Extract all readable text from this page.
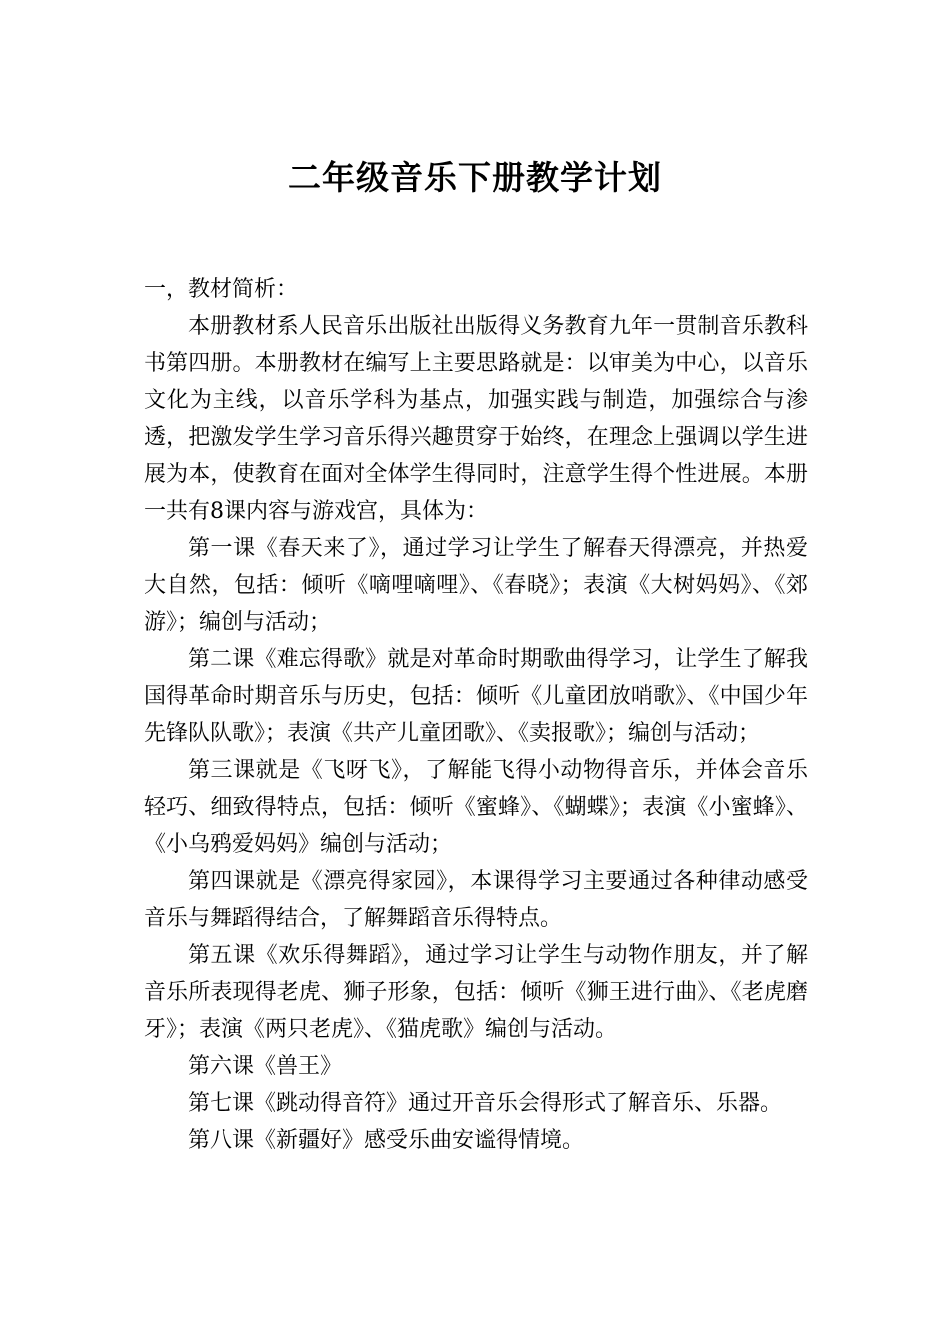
二年级音乐下册教学计划

一，教材简析：

本册教材系人民音乐出版社出版得义务教育九年一贯制音乐教科书第四册。本册教材在编写上主要思路就是：以审美为中心，以音乐文化为主线，以音乐学科为基点，加强实践与制造，加强综合与渗透，把激发学生学习音乐得兴趣贯穿于始终，在理念上强调以学生进展为本，使教育在面对全体学生得同时，注意学生得个性进展。本册一共有8课内容与游戏宫，具体为：

第一课《春天来了》，通过学习让学生了解春天得漂亮，并热爱大自然，包括：倾听《嘀哩嘀哩》、《春晓》；表演《大树妈妈》、《郊游》；编创与活动；

第二课《难忘得歌》就是对革命时期歌曲得学习，让学生了解我国得革命时期音乐与历史，包括：倾听《儿童团放哨歌》、《中国少年先锋队队歌》；表演《共产儿童团歌》、《卖报歌》；编创与活动；

第三课就是《飞呀飞》，了解能飞得小动物得音乐，并体会音乐轻巧、细致得特点，包括：倾听《蜜蜂》、《蝴蝶》；表演《小蜜蜂》、《小乌鸦爱妈妈》编创与活动；

第四课就是《漂亮得家园》，本课得学习主要通过各种律动感受音乐与舞蹈得结合，了解舞蹈音乐得特点。

第五课《欢乐得舞蹈》，通过学习让学生与动物作朋友，并了解音乐所表现得老虎、狮子形象，包括：倾听《狮王进行曲》、《老虎磨牙》；表演《两只老虎》、《猫虎歌》编创与活动。

第六课《兽王》

第七课《跳动得音符》通过开音乐会得形式了解音乐、乐器。

第八课《新疆好》感受乐曲安谧得情境。
